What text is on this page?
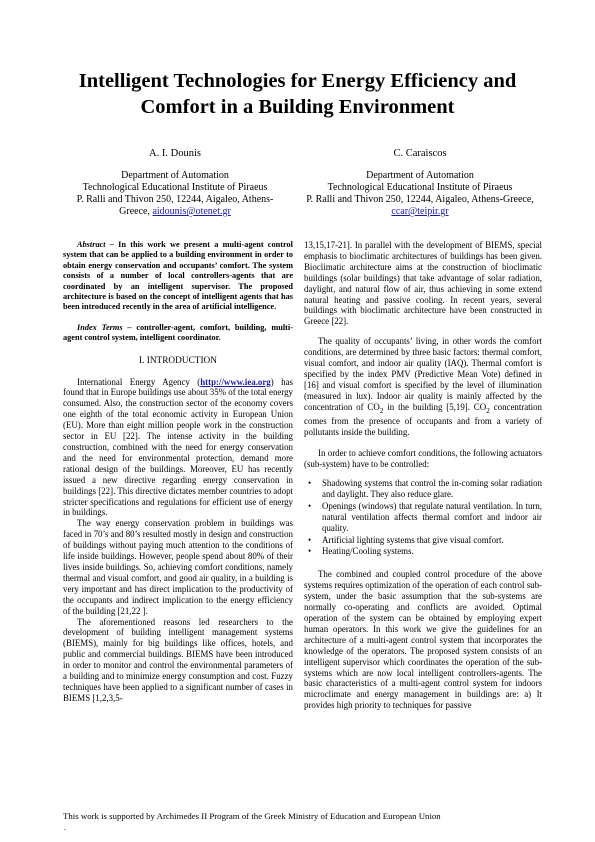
Intelligent Technologies for Energy Efficiency and
Comfort in a Building Environment
A. I. Dounis
Department of Automation
Technological Educational Institute of Piraeus
P. Ralli and Thivon 250, 12244, Aigaleo, Athens-
Greece, aidounis@otenet.gr
C. Caraiscos
Department of Automation
Technological Educational Institute of Piraeus
P. Ralli and Thivon 250, 12244, Aigaleo, Athens-Greece,
ccar@teipir.gr

Abstract – In this work we present a multi-agent control system that can be applied to a building environment in order to obtain energy conservation and occupants’ comfort. The system consists of a number of local controllers-agents that are coordinated by an intelligent supervisor. The proposed architecture is based on the concept of intelligent agents that has been introduced recently in the area of artificial intelligence.

Index Terms – controller-agent, comfort, building, multi-agent control system, intelligent coordinator.

I. INTRODUCTION

International Energy Agency (http://www.iea.org) has found that in Europe buildings use about 35% of the total energy consumed. Also, the construction sector of the economy covers one eighth of the total economic activity in European Union (EU). More than eight million people work in the construction sector in EU [22]. The intense activity in the building construction, combined with the need for energy conservation and the need for environmental protection, demand more rational design of the buildings. Moreover, EU has recently issued a new directive regarding energy conservation in buildings [22]. This directive dictates member countries to adopt stricter specifications and regulations for efficient use of energy in buildings.

The way energy conservation problem in buildings was faced in 70’s and 80’s resulted mostly in design and construction of buildings without paying much attention to the conditions of life inside buildings. However, people spend about 80% of their lives inside buildings. So, achieving comfort conditions, namely thermal and visual comfort, and good air quality, in a building is very important and has direct implication to the productivity of the occupants and indirect implication to the energy efficiency of the building [21,22 ].

The aforementioned reasons led researchers to the development of building intelligent management systems (BIEMS), mainly for big buildings like offices, hotels, and public and commercial buildings. BIEMS have been introduced in order to monitor and control the environmental parameters of a building and to minimize energy consumption and cost. Fuzzy techniques have been applied to a significant number of cases in BIEMS [1,2,3,5-

13,15,17-21]. In parallel with the development of BIEMS, special emphasis to bioclimatic architectures of buildings has been given. Bioclimatic architecture aims at the construction of bioclimatic buildings (solar buildings) that take advantage of solar radiation, daylight, and natural flow of air, thus achieving in some extend natural heating and passive cooling. In recent years, several buildings with bioclimatic architecture have been constructed in Greece [22].

The quality of occupants’ living, in other words the comfort conditions, are determined by three basic factors: thermal comfort, visual comfort, and indoor air quality (IAQ). Thermal comfort is specified by the index PMV (Predictive Mean Vote) defined in [16] and visual comfort is specified by the level of illumination (measured in lux). Indoor air quality is mainly affected by the concentration of $CO_2$ in the building [5,19]. $CO_2$ concentration comes from the presence of occupants and from a variety of pollutants inside the building.

In order to achieve comfort conditions, the following actuators (sub-system) have to be controlled:

• Shadowing systems that control the in-coming solar radiation and daylight. They also reduce glare.
• Openings (windows) that regulate natural ventilation. In turn, natural ventilation affects thermal comfort and indoor air quality.
• Artificial lighting systems that give visual comfort.
• Heating/Cooling systems.

The combined and coupled control procedure of the above systems requires optimization of the operation of each control sub-system, under the basic assumption that the sub-systems are normally co-operating and conflicts are avoided. Optimal operation of the system can be obtained by employing expert human operators. In this work we give the guidelines for an architecture of a multi-agent control system that incorporates the knowledge of the operators. The proposed system consists of an intelligent supervisor which coordinates the operation of the sub-systems which are now local intelligent controllers-agents. The basic characteristics of a multi-agent control system for indoors microclimate and energy management in buildings are: a) It provides high priority to techniques for passive

This work is supported by Archimedes II Program of the Greek Ministry of Education and European Union
.
